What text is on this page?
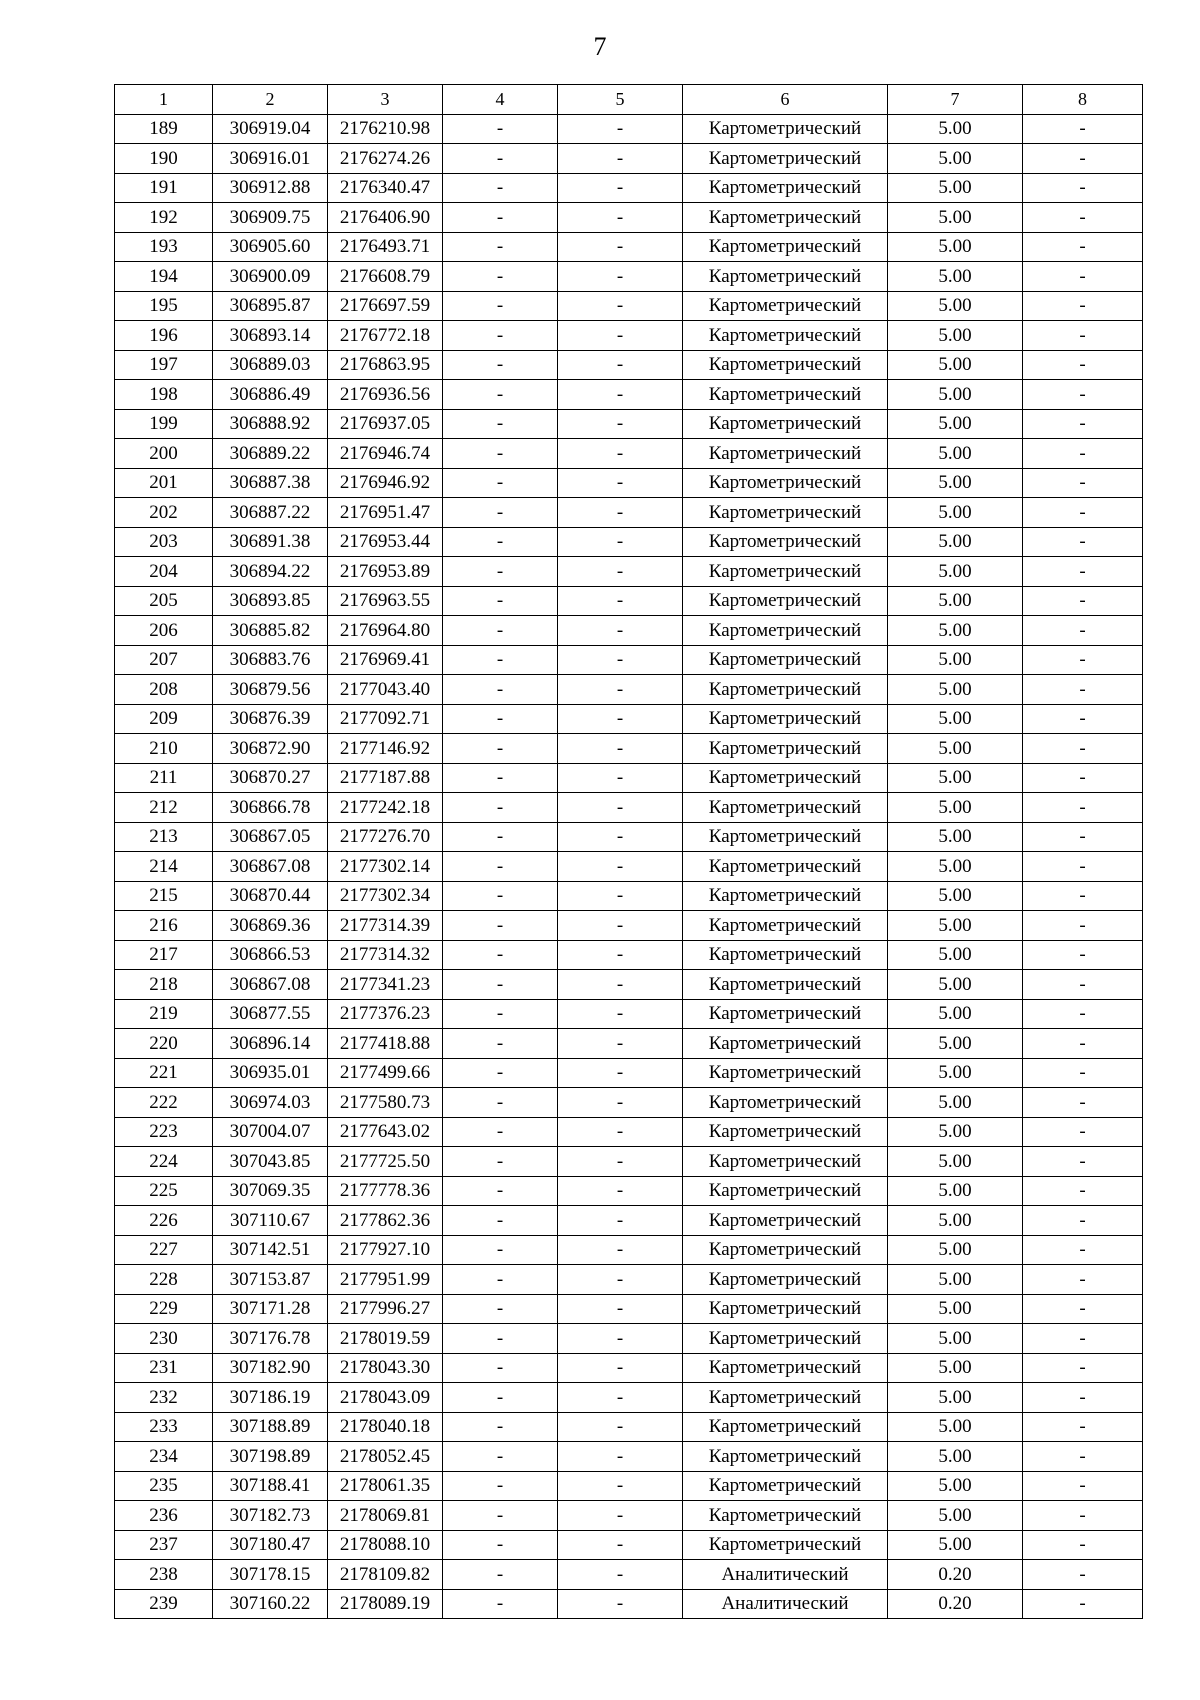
7
1	2	3	4	5	6	7	8
189	306919.04	2176210.98	-	-	Картометрический	5.00	-
190	306916.01	2176274.26	-	-	Картометрический	5.00	-
191	306912.88	2176340.47	-	-	Картометрический	5.00	-
192	306909.75	2176406.90	-	-	Картометрический	5.00	-
193	306905.60	2176493.71	-	-	Картометрический	5.00	-
194	306900.09	2176608.79	-	-	Картометрический	5.00	-
195	306895.87	2176697.59	-	-	Картометрический	5.00	-
196	306893.14	2176772.18	-	-	Картометрический	5.00	-
197	306889.03	2176863.95	-	-	Картометрический	5.00	-
198	306886.49	2176936.56	-	-	Картометрический	5.00	-
199	306888.92	2176937.05	-	-	Картометрический	5.00	-
200	306889.22	2176946.74	-	-	Картометрический	5.00	-
201	306887.38	2176946.92	-	-	Картометрический	5.00	-
202	306887.22	2176951.47	-	-	Картометрический	5.00	-
203	306891.38	2176953.44	-	-	Картометрический	5.00	-
204	306894.22	2176953.89	-	-	Картометрический	5.00	-
205	306893.85	2176963.55	-	-	Картометрический	5.00	-
206	306885.82	2176964.80	-	-	Картометрический	5.00	-
207	306883.76	2176969.41	-	-	Картометрический	5.00	-
208	306879.56	2177043.40	-	-	Картометрический	5.00	-
209	306876.39	2177092.71	-	-	Картометрический	5.00	-
210	306872.90	2177146.92	-	-	Картометрический	5.00	-
211	306870.27	2177187.88	-	-	Картометрический	5.00	-
212	306866.78	2177242.18	-	-	Картометрический	5.00	-
213	306867.05	2177276.70	-	-	Картометрический	5.00	-
214	306867.08	2177302.14	-	-	Картометрический	5.00	-
215	306870.44	2177302.34	-	-	Картометрический	5.00	-
216	306869.36	2177314.39	-	-	Картометрический	5.00	-
217	306866.53	2177314.32	-	-	Картометрический	5.00	-
218	306867.08	2177341.23	-	-	Картометрический	5.00	-
219	306877.55	2177376.23	-	-	Картометрический	5.00	-
220	306896.14	2177418.88	-	-	Картометрический	5.00	-
221	306935.01	2177499.66	-	-	Картометрический	5.00	-
222	306974.03	2177580.73	-	-	Картометрический	5.00	-
223	307004.07	2177643.02	-	-	Картометрический	5.00	-
224	307043.85	2177725.50	-	-	Картометрический	5.00	-
225	307069.35	2177778.36	-	-	Картометрический	5.00	-
226	307110.67	2177862.36	-	-	Картометрический	5.00	-
227	307142.51	2177927.10	-	-	Картометрический	5.00	-
228	307153.87	2177951.99	-	-	Картометрический	5.00	-
229	307171.28	2177996.27	-	-	Картометрический	5.00	-
230	307176.78	2178019.59	-	-	Картометрический	5.00	-
231	307182.90	2178043.30	-	-	Картометрический	5.00	-
232	307186.19	2178043.09	-	-	Картометрический	5.00	-
233	307188.89	2178040.18	-	-	Картометрический	5.00	-
234	307198.89	2178052.45	-	-	Картометрический	5.00	-
235	307188.41	2178061.35	-	-	Картометрический	5.00	-
236	307182.73	2178069.81	-	-	Картометрический	5.00	-
237	307180.47	2178088.10	-	-	Картометрический	5.00	-
238	307178.15	2178109.82	-	-	Аналитический	0.20	-
239	307160.22	2178089.19	-	-	Аналитический	0.20	-
